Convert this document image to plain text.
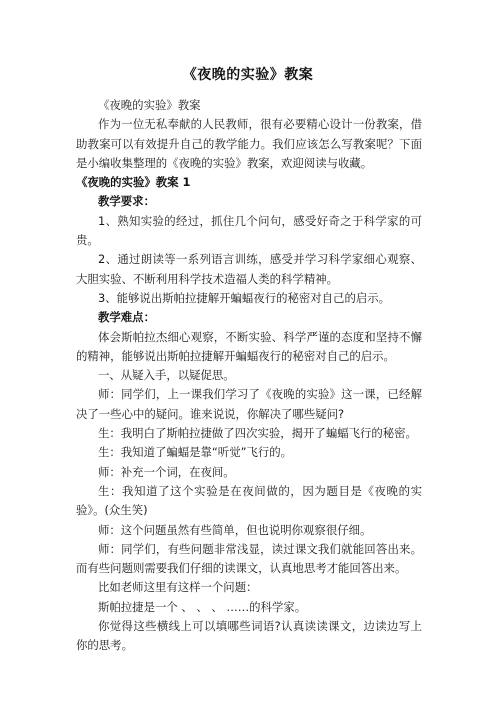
《夜晚的实验》教案

《夜晚的实验》教案

作为一位无私奉献的人民教师，很有必要精心设计一份教案，借助教案可以有效提升自己的教学能力。我们应该怎么写教案呢？下面是小编收集整理的《夜晚的实验》教案，欢迎阅读与收藏。

《夜晚的实验》教案 1

教学要求：

1、熟知实验的经过，抓住几个问句，感受好奇之于科学家的可贵。

2、通过朗读等一系列语言训练，感受并学习科学家细心观察、大胆实验、不断利用科学技术造福人类的科学精神。

3、能够说出斯帕拉捷解开蝙蝠夜行的秘密对自己的启示。

教学难点：

体会斯帕拉杰细心观察，不断实验、科学严谨的态度和坚持不懈的精神，能够说出斯帕拉捷解开蝙蝠夜行的秘密对自己的启示。

一、从疑入手，以疑促思。

师：同学们，上一课我们学习了《夜晚的实验》这一课，已经解决了一些心中的疑问。谁来说说，你解决了哪些疑问?

生：我明白了斯帕拉捷做了四次实验，揭开了蝙蝠飞行的秘密。

生：我知道了蝙蝠是靠“听觉”飞行的。

师：补充一个词，在夜间。

生：我知道了这个实验是在夜间做的，因为题目是《夜晚的实验》。(众生笑)

师：这个问题虽然有些简单，但也说明你观察很仔细。

师：同学们，有些问题非常浅显，读过课文我们就能回答出来。而有些问题则需要我们仔细的读课文，认真地思考才能回答出来。

比如老师这里有这样一个问题：

斯帕拉捷是一个 、 、 、 ……的科学家。

你觉得这些横线上可以填哪些词语?认真读读课文，边读边写上你的思考。
